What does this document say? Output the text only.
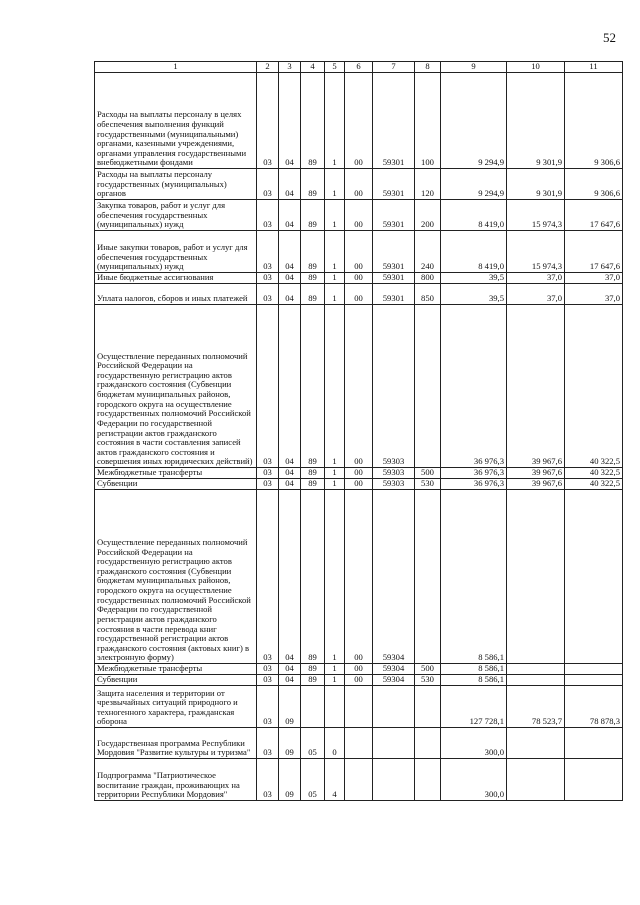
52
1	2	3	4	5	6	7	8	9	10	11
Расходы на выплаты персоналу в целях обеспечения выполнения функций государственными (муниципальными) органами, казенными учреждениями, органами управления государственными внебюджетными фондами	03	04	89	1	00	59301	100	9 294,9	9 301,9	9 306,6
Расходы на выплаты персоналу государственных (муниципальных) органов	03	04	89	1	00	59301	120	9 294,9	9 301,9	9 306,6
Закупка товаров, работ и услуг для обеспечения государственных (муниципальных) нужд	03	04	89	1	00	59301	200	8 419,0	15 974,3	17 647,6
Иные закупки товаров, работ и услуг для обеспечения государственных (муниципальных) нужд	03	04	89	1	00	59301	240	8 419,0	15 974,3	17 647,6
Иные бюджетные ассигнования	03	04	89	1	00	59301	800	39,5	37,0	37,0
Уплата налогов, сборов и иных платежей	03	04	89	1	00	59301	850	39,5	37,0	37,0
Осуществление переданных полномочий Российской Федерации на государственную регистрацию актов гражданского состояния (Субвенции бюджетам муниципальных районов, городского округа на осуществление государственных полномочий Российской Федерации по государственной регистрации актов гражданского состояния в части составления записей актов гражданского состояния и совершения иных юридических действий)	03	04	89	1	00	59303		36 976,3	39 967,6	40 322,5
Межбюджетные трансферты	03	04	89	1	00	59303	500	36 976,3	39 967,6	40 322,5
Субвенции	03	04	89	1	00	59303	530	36 976,3	39 967,6	40 322,5
Осуществление переданных полномочий Российской Федерации на государственную регистрацию актов гражданского состояния (Субвенции бюджетам муниципальных районов, городского округа на осуществление государственных полномочий Российской Федерации по государственной регистрации актов гражданского состояния в части перевода книг государственной регистрации актов гражданского состояния (актовых книг) в электронную форму)	03	04	89	1	00	59304		8 586,1		
Межбюджетные трансферты	03	04	89	1	00	59304	500	8 586,1		
Субвенции	03	04	89	1	00	59304	530	8 586,1		
Защита населения и территории от чрезвычайных ситуаций природного и техногенного характера, гражданская оборона	03	09						127 728,1	78 523,7	78 878,3
Государственная программа Республики Мордовия "Развитие культуры и туризма"	03	09	05	0				300,0		
Подпрограмма "Патриотическое воспитание граждан, проживающих на территории Республики Мордовия"	03	09	05	4				300,0		
